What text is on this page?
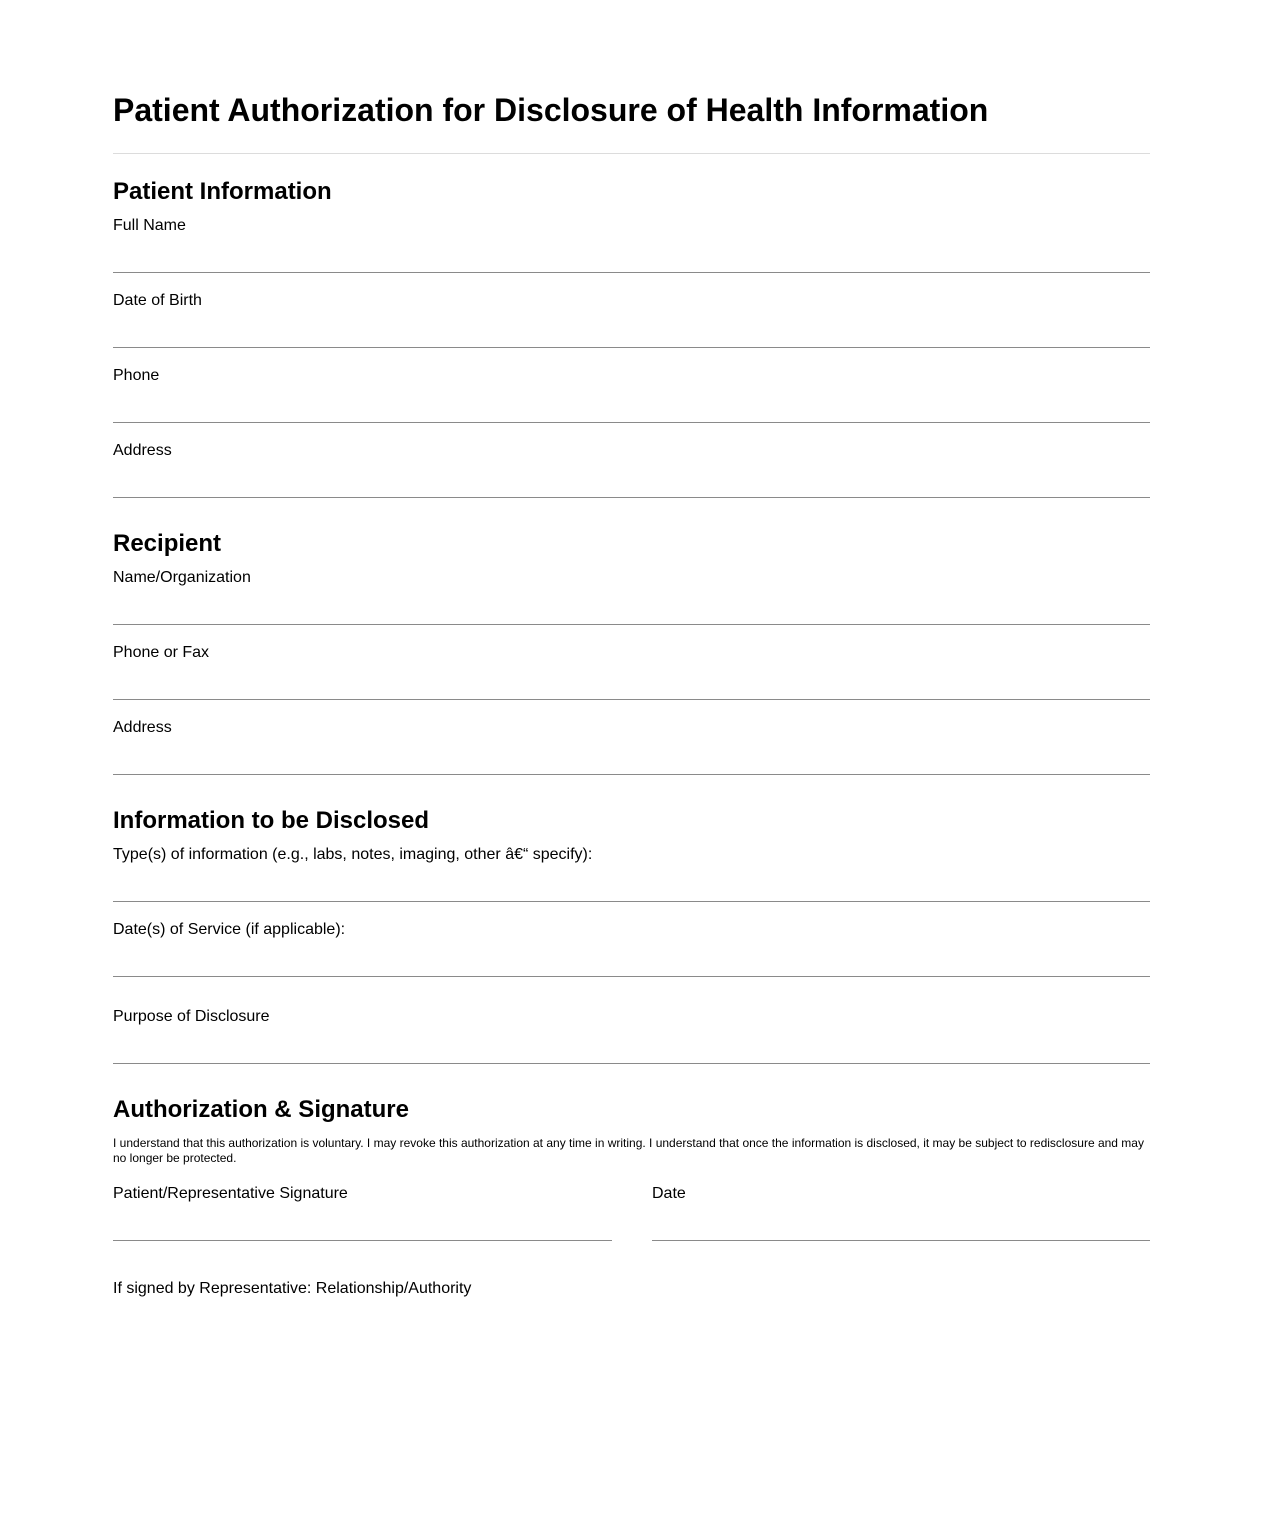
Patient Authorization for Disclosure of Health Information
Patient Information
Full Name
Date of Birth
Phone
Address
Recipient
Name/Organization
Phone or Fax
Address
Information to be Disclosed
Type(s) of information (e.g., labs, notes, imaging, other â€“ specify):
Date(s) of Service (if applicable):
Purpose of Disclosure
Authorization & Signature
I understand that this authorization is voluntary. I may revoke this authorization at any time in writing. I understand that once the information is disclosed, it may be subject to redisclosure and may no longer be protected.
Patient/Representative Signature	Date
If signed by Representative: Relationship/Authority
